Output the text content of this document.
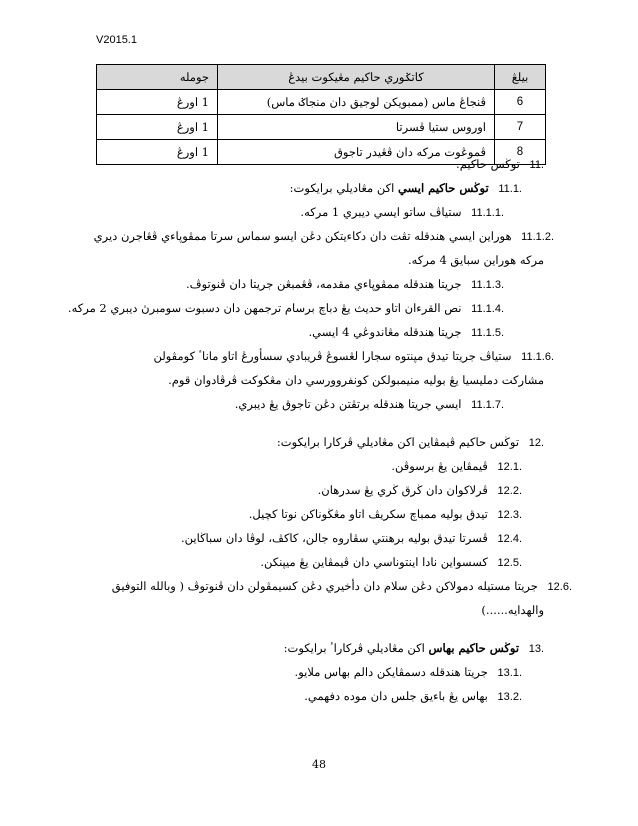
V2015.1
بيلڠ	كاتݢوري حاکيم مڠيکوت بيدڠ	جوملە
6	ڤنجاڠ ماس (ممبويکن لوجيق دان منجاݢ ماس)	1 اورڠ
7	اوروس ستيا ڤسرتا	1 اورڠ
8	ڤموڠوت مرکه دان ڤڠيدر تاجوق	1 اورڠ
11. توڬس حاکيم.
11.1. توڬس حاکيم ايسي اکن مڠاديلي برايکوت:
11.1.1. ستياڤ ساتو ايسي ديبري 1 مرکه.
11.1.2. هوراين ايسي هندقله تڤت دان دکاءيتکن دڠن ايسو سماس سرتا ممڤوپاءي ڤڠاجرن ديري
مرکه هوراين سبايق 4 مرکه.
11.1.3. جريتا هندقله ممڤوپاءي مقدمه، ڤڠمبڠن جريتا دان ڤنوتوڤ.
11.1.4. نص القرءان اتاو حديث يڠ دباچ برسام ترجمهن دان دسبوت سومبرڽ ديبري 2 مرکه.
11.1.5. جريتا هندقله مڠاندوڠي 4 ايسي.
11.1.6. ستياڤ جريتا تيدق مڽنتوه سجارا لڠسوڠ ڤريبادي سسأورڠ اتاو ماناٴ کومڤولن
مشارکت دمليسيا يڠ بوليه منيمبولکن کونفروورسي دان مڠکوکت ڤرڤادوان قوم.
11.1.7. ايسي جريتا هندقله برتڤتن دڠن تاجوق يڠ ديبري.
12. توڬس حاکيم ڤيمڤاين اکن مڠاديلي ڤرکارا برايکوت:
12.1. ڤيمڤاين يڠ برسوڤن.
12.2. ڤرلاکوان دان ڬرق ڬري يڠ سدرهان.
12.3. تيدق بوليه ممباچ سکريڤ اتاو مڠڬوناکن نوتا کچيل.
12.4. ڤسرتا تيدق بوليه برهنتي سڤاروه جالن، کاکڤ، لوڤا دان سباڬاين.
12.5. کسسواين نادا اينتوناسي دان ڤيمڤاين يڠ ميڽنکن.
12.6. جريتا مستيله دمولاکن دڠن سلام دان دأخيري دڠن کسيمڤولن دان ڤنوتوڤ ( وبالله التوفيق
والهدايه......)
13. توڬس حاکيم بهاس اکن مڠاديلي ڤرکاراٴ برايکوت:
13.1. جريتا هندقله دسمڤايکن دالم بهاس ملايو.
13.2. بهاس يڠ باءيق جلس دان موده دفهمي.
48
